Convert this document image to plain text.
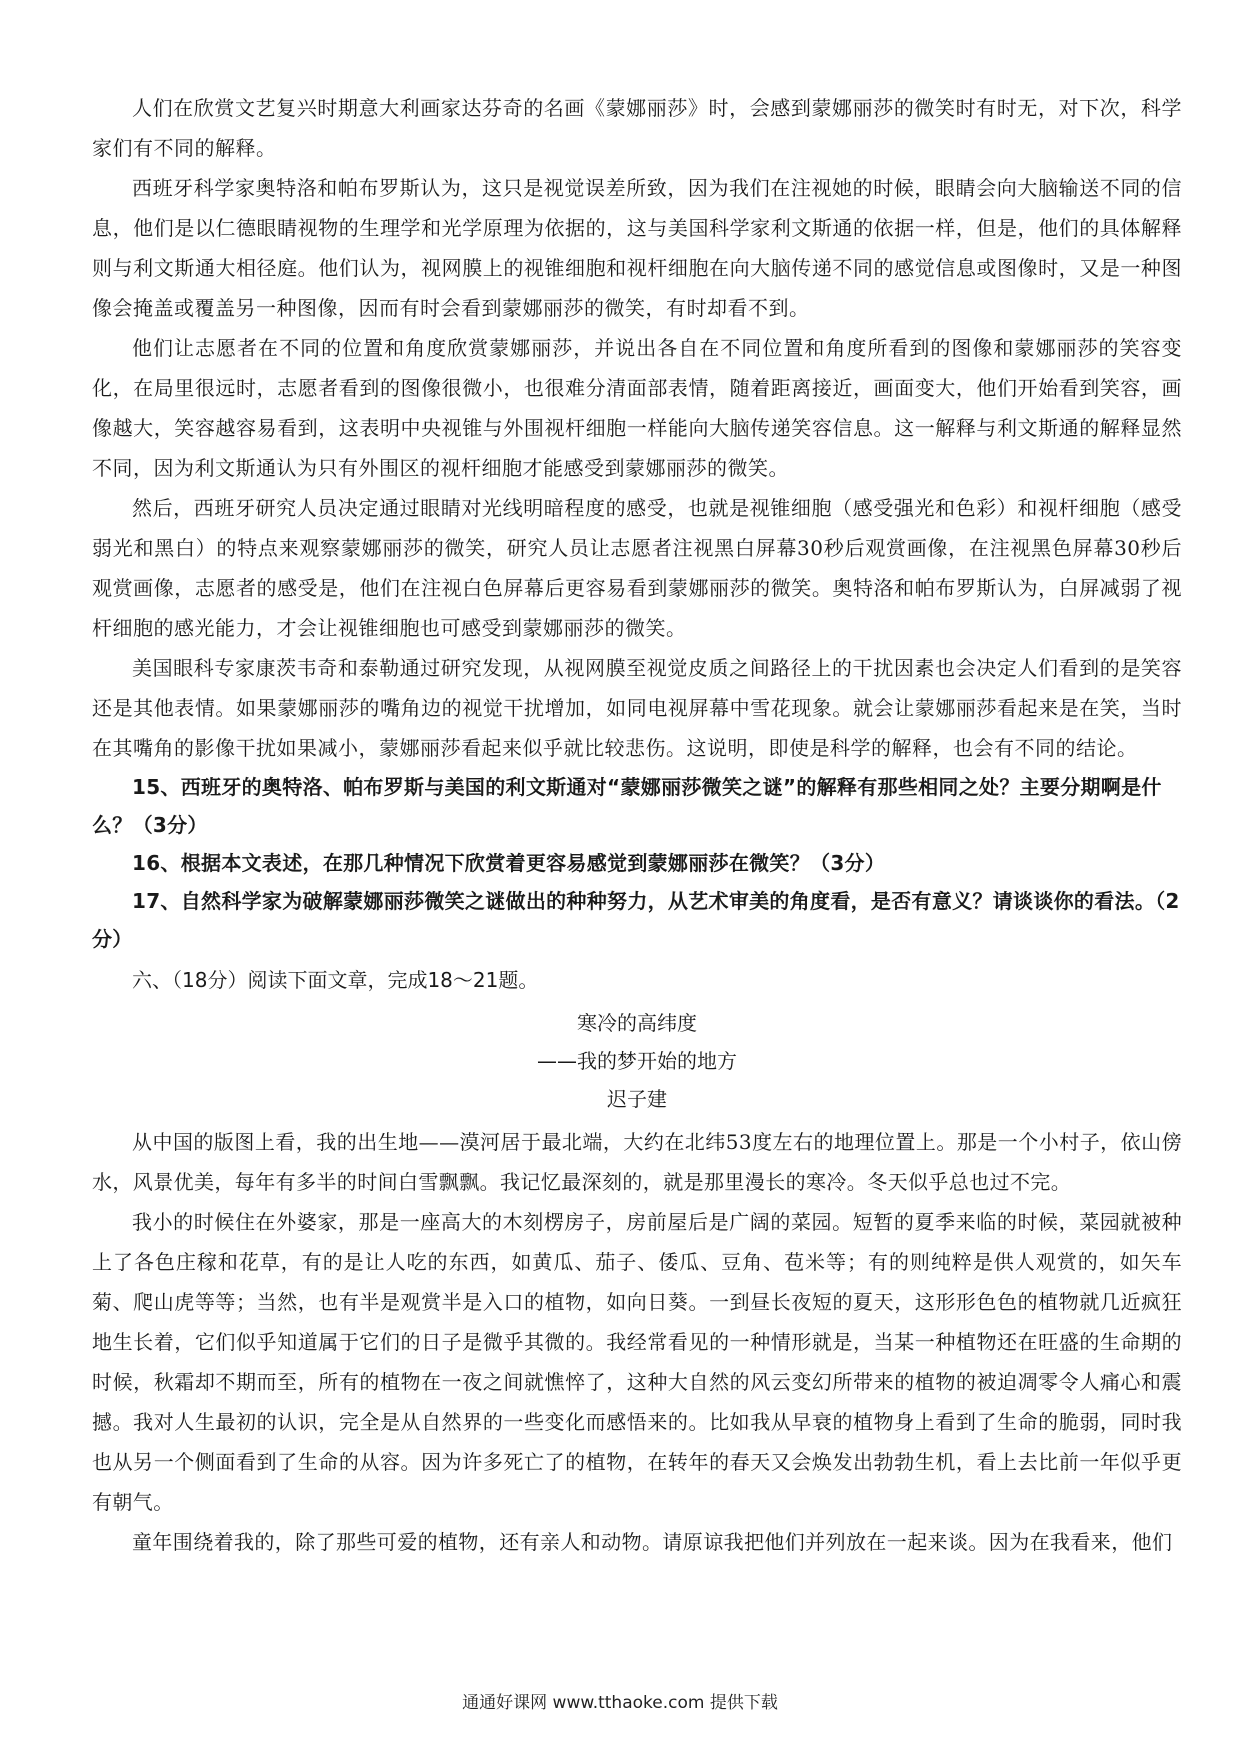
人们在欣赏文艺复兴时期意大利画家达芬奇的名画《蒙娜丽莎》时，会感到蒙娜丽莎的微笑时有时无，对下次，科学家们有不同的解释。

西班牙科学家奥特洛和帕布罗斯认为，这只是视觉误差所致，因为我们在注视她的时候，眼睛会向大脑输送不同的信息，他们是以仁德眼睛视物的生理学和光学原理为依据的，这与美国科学家利文斯通的依据一样，但是，他们的具体解释则与利文斯通大相径庭。他们认为，视网膜上的视锥细胞和视杆细胞在向大脑传递不同的感觉信息或图像时，又是一种图像会掩盖或覆盖另一种图像，因而有时会看到蒙娜丽莎的微笑，有时却看不到。

他们让志愿者在不同的位置和角度欣赏蒙娜丽莎，并说出各自在不同位置和角度所看到的图像和蒙娜丽莎的笑容变化，在局里很远时，志愿者看到的图像很微小，也很难分清面部表情，随着距离接近，画面变大，他们开始看到笑容，画像越大，笑容越容易看到，这表明中央视锥与外围视杆细胞一样能向大脑传递笑容信息。这一解释与利文斯通的解释显然不同，因为利文斯通认为只有外围区的视杆细胞才能感受到蒙娜丽莎的微笑。

然后，西班牙研究人员决定通过眼睛对光线明暗程度的感受，也就是视锥细胞（感受强光和色彩）和视杆细胞（感受弱光和黑白）的特点来观察蒙娜丽莎的微笑，研究人员让志愿者注视黑白屏幕30秒后观赏画像，在注视黑色屏幕30秒后观赏画像，志愿者的感受是，他们在注视白色屏幕后更容易看到蒙娜丽莎的微笑。奥特洛和帕布罗斯认为，白屏减弱了视杆细胞的感光能力，才会让视锥细胞也可感受到蒙娜丽莎的微笑。

美国眼科专家康茨韦奇和泰勒通过研究发现，从视网膜至视觉皮质之间路径上的干扰因素也会决定人们看到的是笑容还是其他表情。如果蒙娜丽莎的嘴角边的视觉干扰增加，如同电视屏幕中雪花现象。就会让蒙娜丽莎看起来是在笑，当时在其嘴角的影像干扰如果减小，蒙娜丽莎看起来似乎就比较悲伤。这说明，即使是科学的解释，也会有不同的结论。

15、西班牙的奥特洛、帕布罗斯与美国的利文斯通对“蒙娜丽莎微笑之谜”的解释有那些相同之处？主要分期啊是什么？（3分）

16、根据本文表述，在那几种情况下欣赏着更容易感觉到蒙娜丽莎在微笑？（3分）

17、自然科学家为破解蒙娜丽莎微笑之谜做出的种种努力，从艺术审美的角度看，是否有意义？请谈谈你的看法。（2分）

六、（18分）阅读下面文章，完成18～21题。

寒冷的高纬度

——我的梦开始的地方

迟子建

从中国的版图上看，我的出生地——漠河居于最北端，大约在北纬53度左右的地理位置上。那是一个小村子，依山傍水，风景优美，每年有多半的时间白雪飘飘。我记忆最深刻的，就是那里漫长的寒冷。冬天似乎总也过不完。

我小的时候住在外婆家，那是一座高大的木刻楞房子，房前屋后是广阔的菜园。短暂的夏季来临的时候，菜园就被种上了各色庄稼和花草，有的是让人吃的东西，如黄瓜、茄子、倭瓜、豆角、苞米等；有的则纯粹是供人观赏的，如矢车菊、爬山虎等等；当然，也有半是观赏半是入口的植物，如向日葵。一到昼长夜短的夏天，这形形色色的植物就几近疯狂地生长着，它们似乎知道属于它们的日子是微乎其微的。我经常看见的一种情形就是，当某一种植物还在旺盛的生命期的时候，秋霜却不期而至，所有的植物在一夜之间就憔悴了，这种大自然的风云变幻所带来的植物的被迫凋零令人痛心和震撼。我对人生最初的认识，完全是从自然界的一些变化而感悟来的。比如我从早衰的植物身上看到了生命的脆弱，同时我也从另一个侧面看到了生命的从容。因为许多死亡了的植物，在转年的春天又会焕发出勃勃生机，看上去比前一年似乎更有朝气。

童年围绕着我的，除了那些可爱的植物，还有亲人和动物。请原谅我把他们并列放在一起来谈。因为在我看来，他们

通通好课网 www.tthaoke.com 提供下载
